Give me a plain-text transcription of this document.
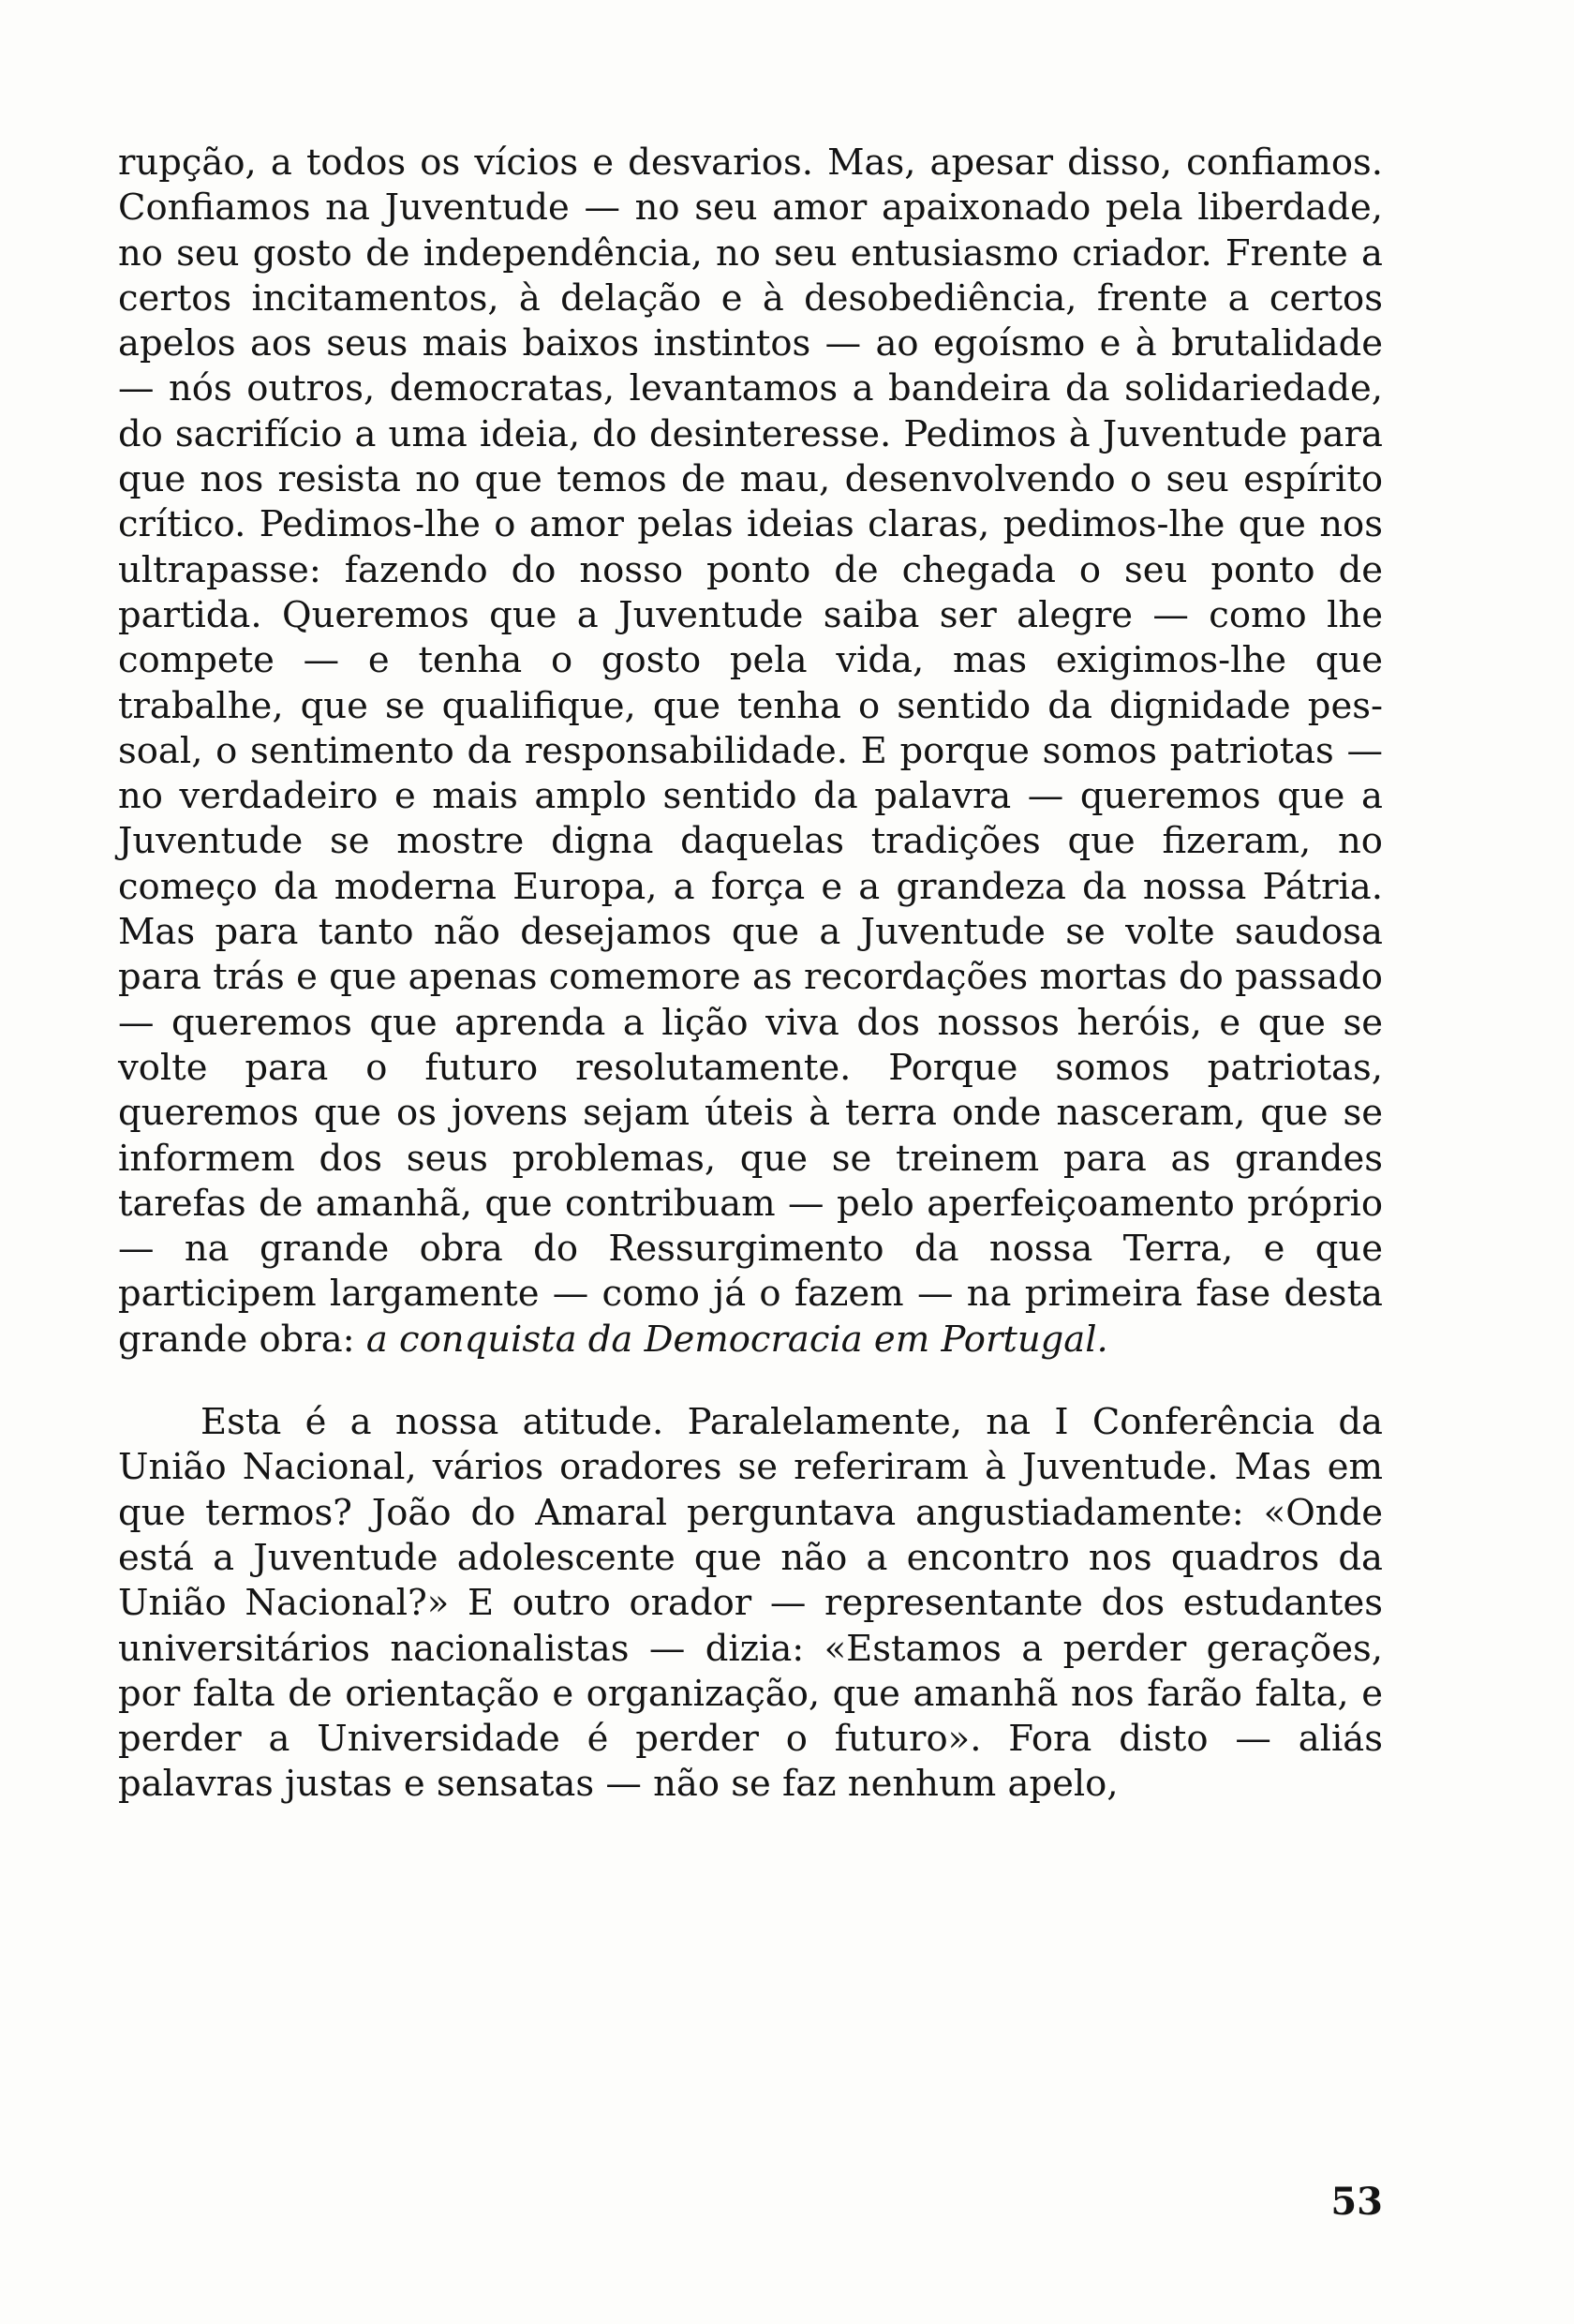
rupção, a todos os vícios e desvarios. Mas, apesar disso, confiamos. Confiamos na Juventude — no seu amor apaixonado pela liberdade, no seu gosto de independência, no seu entusiasmo criador. Frente a certos incitamentos, à delação e à desobediência, frente a certos apelos aos seus mais baixos instintos — ao egoísmo e à brutalidade — nós outros, democratas, levantamos a bandeira da solidariedade, do sacrifício a uma ideia, do desinteresse. Pedimos à Juventude para que nos resista no que temos de mau, desenvolvendo o seu espírito crítico. Pedimos-lhe o amor pelas ideias claras, pedimos-lhe que nos ultrapasse: fazendo do nosso ponto de chegada o seu ponto de partida. Queremos que a Juventude saiba ser alegre — como lhe compete — e tenha o gosto pela vida, mas exigimos-lhe que trabalhe, que se qualifique, que tenha o sentido da dignidade pessoal, o sentimento da responsabilidade. E porque somos patriotas — no verdadeiro e mais amplo sentido da palavra — queremos que a Juventude se mostre digna daquelas tradições que fizeram, no começo da moderna Europa, a força e a grandeza da nossa Pátria. Mas para tanto não desejamos que a Juventude se volte saudosa para trás e que apenas comemore as recordações mortas do passado — queremos que aprenda a lição viva dos nossos heróis, e que se volte para o futuro resolutamente. Porque somos patriotas, queremos que os jovens sejam úteis à terra onde nasceram, que se informem dos seus problemas, que se treinem para as grandes tarefas de amanhã, que contribuam — pelo aperfeiçoamento próprio — na grande obra do Ressurgimento da nossa Terra, e que participem largamente — como já o fazem — na primeira fase desta grande obra: a conquista da Democracia em Portugal.

Esta é a nossa atitude. Paralelamente, na I Conferência da União Nacional, vários oradores se referiram à Juventude. Mas em que termos? João do Amaral perguntava angustiadamente: «Onde está a Juventude adolescente que não a encontro nos quadros da União Nacional?» E outro orador — representante dos estudantes universitários nacionalistas — dizia: «Estamos a perder gerações, por falta de orientação e organização, que amanhã nos farão falta, e perder a Universidade é perder o futuro». Fora disto — aliás palavras justas e sensatas — não se faz nenhum apelo,

53
